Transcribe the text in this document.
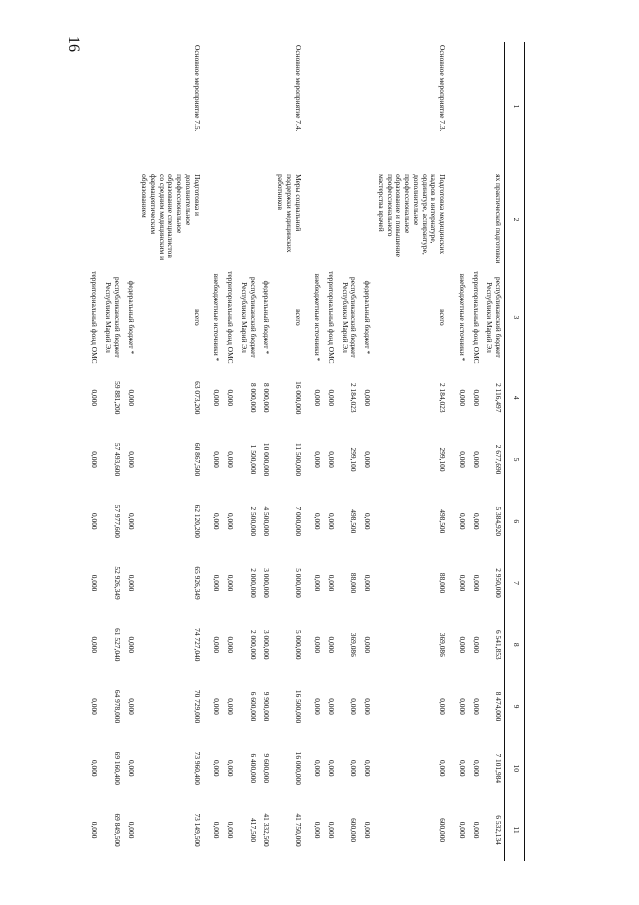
16
1	2	3	4	5	6	7	8	9	10	11
	ях практической подготовки	республиканский бюджет Республики Марий Эл	2 116,497	2 677,690	5 384,920	2 950,000	6 541,853	8 474,000	7 101,984	6 532,134
		территориальный фонд ОМС	0,000	0,000	0,000	0,000	0,000	0,000	0,000	0,000
		внебюджетные источники *	0,000	0,000	0,000	0,000	0,000	0,000	0,000	0,000
Основное мероприятие 7.3.	Подготовка медицинских кадров в интернатуре, ординатуре, аспирантуре, дополнительное профессиональное образование и повышение профессионального мастерства врачей	всего	2 184,023	299,100	498,500	88,000	369,086	0,000	0,000	600,000
		федеральный бюджет *	0,000	0,000	0,000	0,000	0,000	0,000	0,000	0,000
		республиканский бюджет Республики Марий Эл	2 184,023	299,100	498,500	88,000	369,086	0,000	0,000	600,000
		территориальный фонд ОМС	0,000	0,000	0,000	0,000	0,000	0,000	0,000	0,000
		внебюджетные источники *	0,000	0,000	0,000	0,000	0,000	0,000	0,000	0,000
Основное мероприятие 7.4.	Меры социальной поддержки медицинских работников	всего	16 000,000	11 500,000	7 000,000	5 000,000	5 000,000	16 500,000	16 000,000	41 750,000
		федеральный бюджет *	8 000,000	10 000,000	4 500,000	3 000,000	3 000,000	9 900,000	9 600,000	41 332,500
		республиканский бюджет Республики Марий Эл	8 000,000	1 500,000	2 500,000	2 000,000	2 000,000	6 600,000	6 400,000	417,500
		территориальный фонд ОМС	0,000	0,000	0,000	0,000	0,000	0,000	0,000	0,000
		внебюджетные источники *	0,000	0,000	0,000	0,000	0,000	0,000	0,000	0,000
Основное мероприятие 7.5.	Подготовка и дополнительное профессиональное образование специалистов со средним медицинским и фармацевтическим образованием	всего	63 073,200	60 867,500	62 120,200	65 926,349	74 727,040	70 729,000	73 960,400	73 149,500
		федеральный бюджет *	0,000	0,000	0,000	0,000	0,000	0,000	0,000	0,000
		республиканский бюджет Республики Марий Эл	59 881,200	57 493,600	57 977,600	52 926,349	61 527,040	64 978,000	69 160,400	69 849,500
		территориальный фонд ОМС	0,000	0,000	0,000	0,000	0,000	0,000	0,000	0,000
